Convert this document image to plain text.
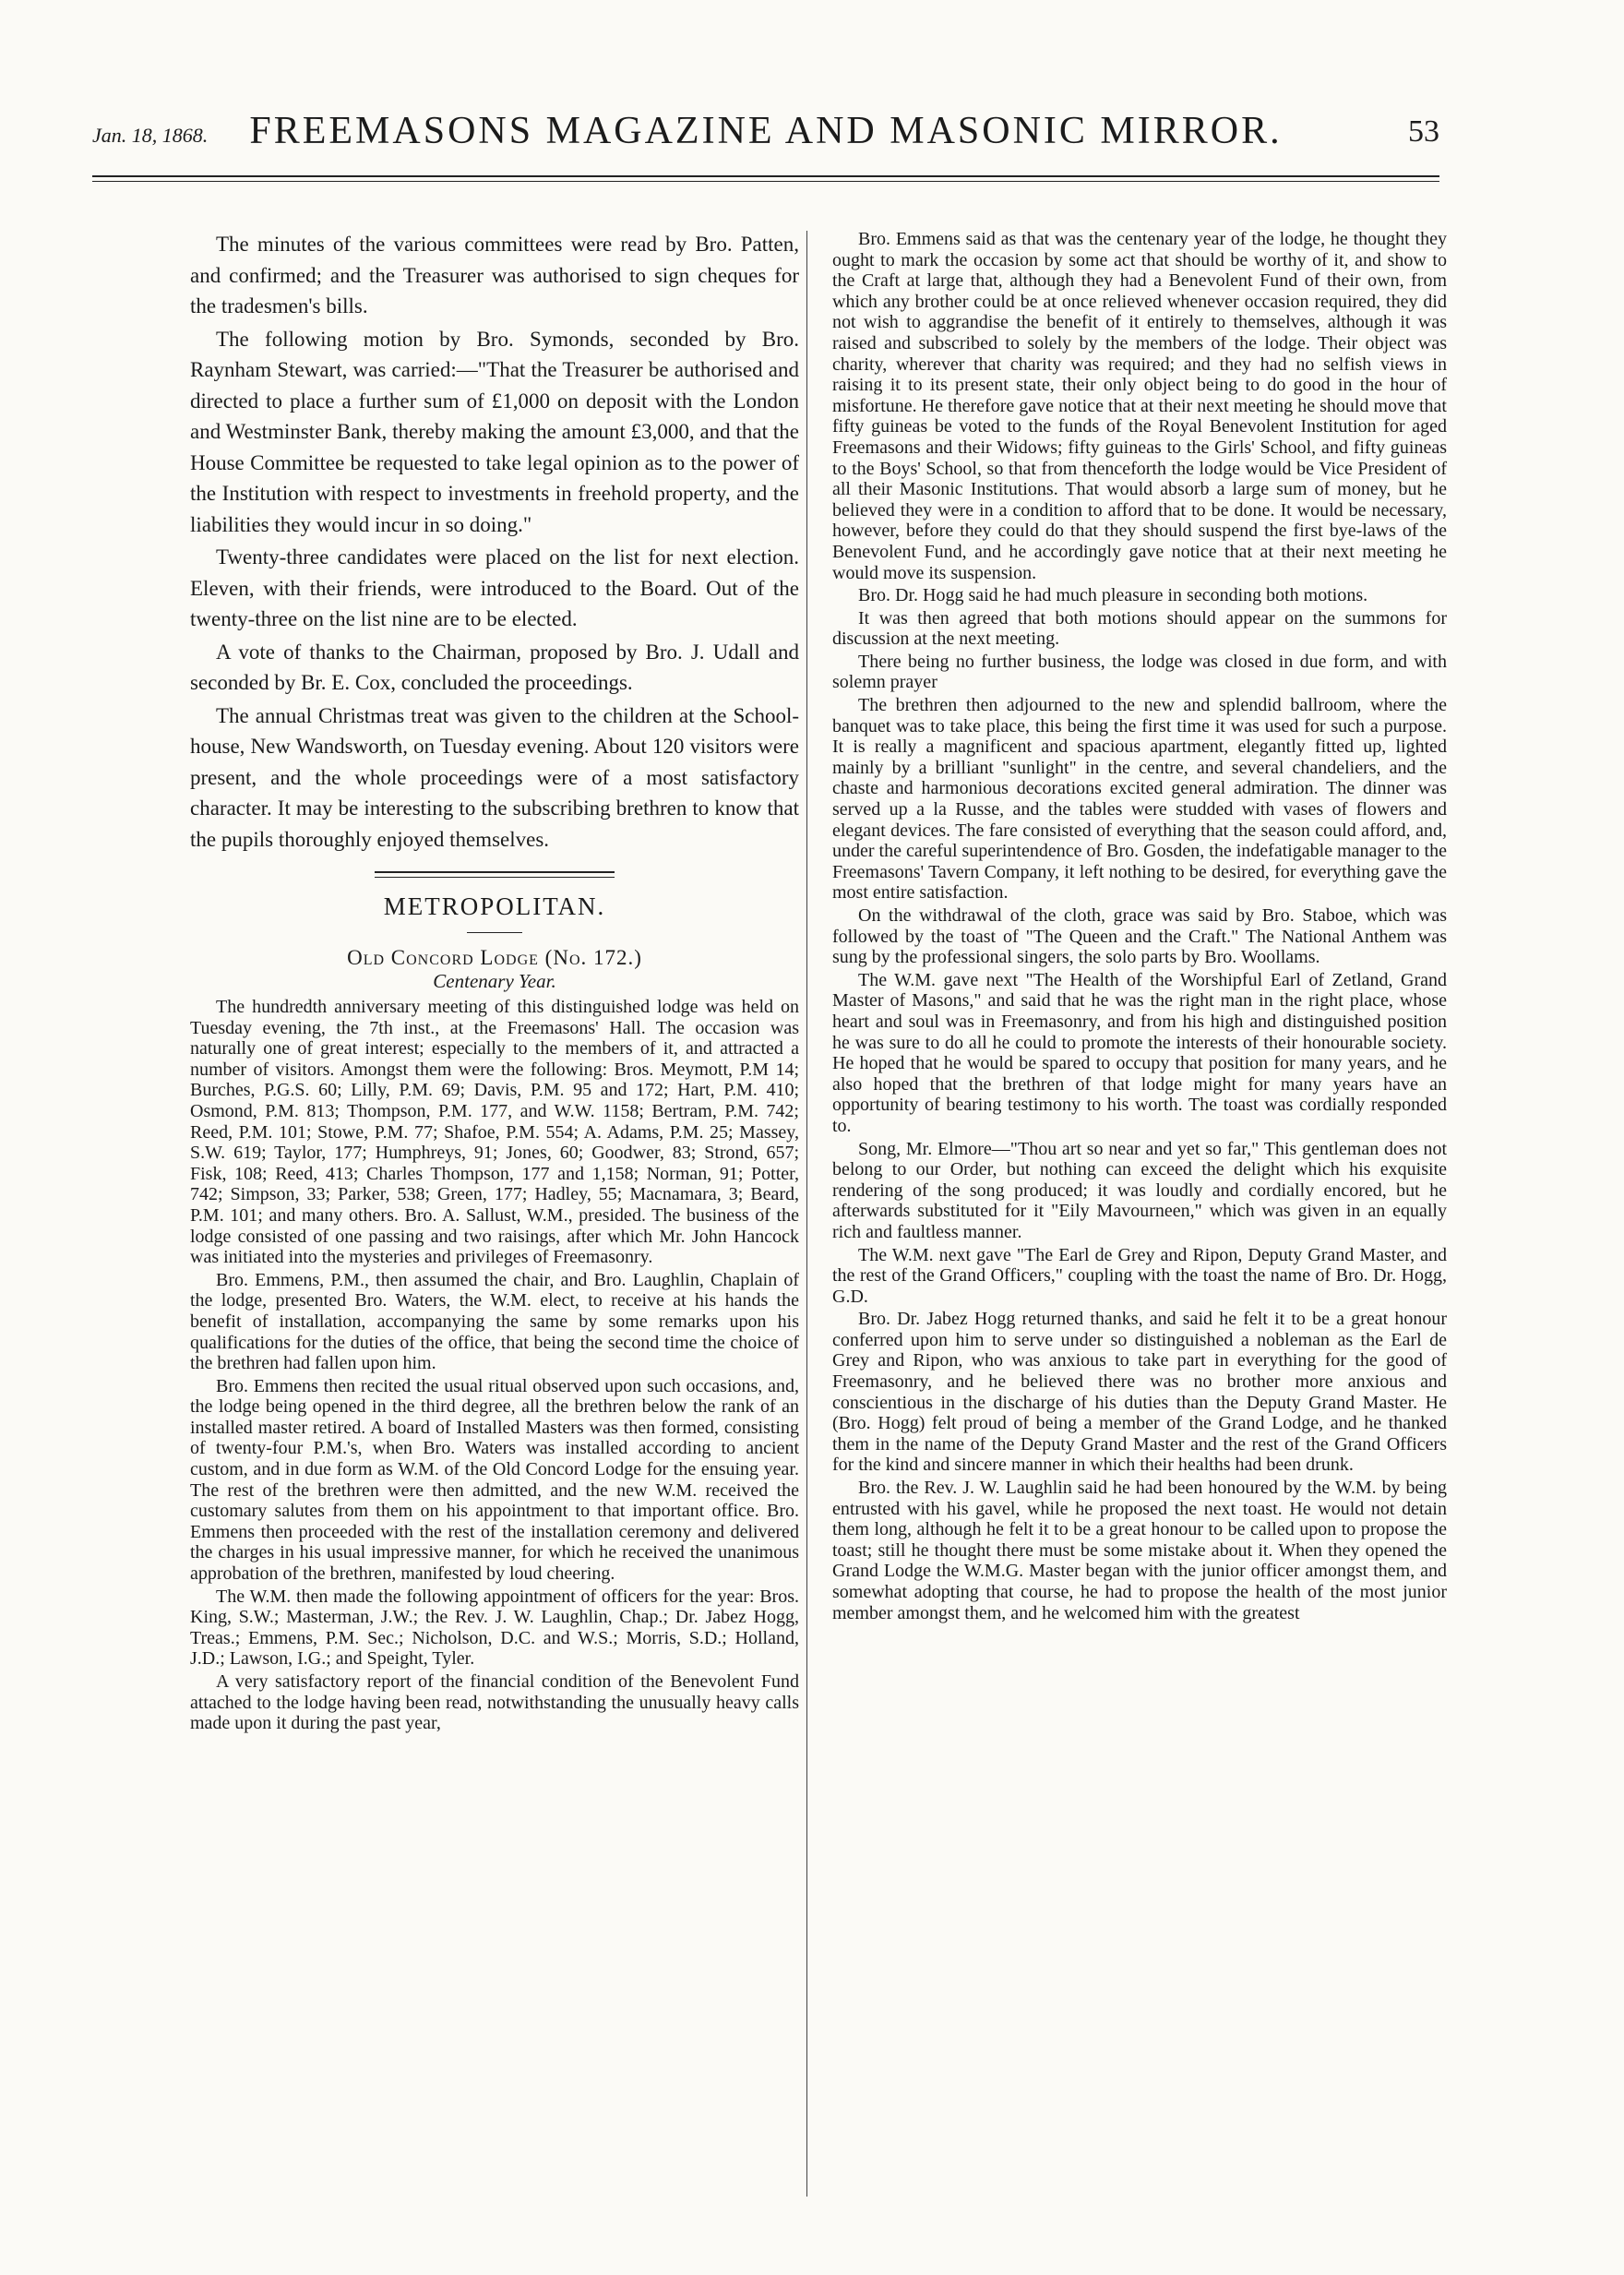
Jan. 18, 1868.	FREEMASONS MAGAZINE AND MASONIC MIRROR.	53

The minutes of the various committees were read by Bro. Patten, and confirmed; and the Treasurer was authorised to sign cheques for the tradesmen's bills.

The following motion by Bro. Symonds, seconded by Bro. Raynham Stewart, was carried:—"That the Treasurer be authorised and directed to place a further sum of £1,000 on deposit with the London and Westminster Bank, thereby making the amount £3,000, and that the House Committee be requested to take legal opinion as to the power of the Institution with respect to investments in freehold property, and the liabilities they would incur in so doing."

Twenty-three candidates were placed on the list for next election. Eleven, with their friends, were introduced to the Board. Out of the twenty-three on the list nine are to be elected.

A vote of thanks to the Chairman, proposed by Bro. J. Udall and seconded by Br. E. Cox, concluded the proceedings.

The annual Christmas treat was given to the children at the School-house, New Wandsworth, on Tuesday evening. About 120 visitors were present, and the whole proceedings were of a most satisfactory character. It may be interesting to the subscribing brethren to know that the pupils thoroughly enjoyed themselves.

METROPOLITAN.
Old Concord Lodge (No. 172.)
Centenary Year.

The hundredth anniversary meeting of this distinguished lodge was held on Tuesday evening, the 7th inst., at the Freemasons' Hall. The occasion was naturally one of great interest; especially to the members of it, and attracted a number of visitors. Amongst them were the following: Bros. Meymott, P.M 14; Burches, P.G.S. 60; Lilly, P.M. 69; Davis, P.M. 95 and 172; Hart, P.M. 410; Osmond, P.M. 813; Thompson, P.M. 177, and W.W. 1158; Bertram, P.M. 742; Reed, P.M. 101; Stowe, P.M. 77; Shafoe, P.M. 554; A. Adams, P.M. 25; Massey, S.W. 619; Taylor, 177; Humphreys, 91; Jones, 60; Goodwer, 83; Strond, 657; Fisk, 108; Reed, 413; Charles Thompson, 177 and 1,158; Norman, 91; Potter, 742; Simpson, 33; Parker, 538; Green, 177; Hadley, 55; Macnamara, 3; Beard, P.M. 101; and many others. Bro. A. Sallust, W.M., presided. The business of the lodge consisted of one passing and two raisings, after which Mr. John Hancock was initiated into the mysteries and privileges of Freemasonry.

Bro. Emmens, P.M., then assumed the chair, and Bro. Laughlin, Chaplain of the lodge, presented Bro. Waters, the W.M. elect, to receive at his hands the benefit of installation, accompanying the same by some remarks upon his qualifications for the duties of the office, that being the second time the choice of the brethren had fallen upon him.

Bro. Emmens then recited the usual ritual observed upon such occasions, and, the lodge being opened in the third degree, all the brethren below the rank of an installed master retired. A board of Installed Masters was then formed, consisting of twenty-four P.M.'s, when Bro. Waters was installed according to ancient custom, and in due form as W.M. of the Old Concord Lodge for the ensuing year. The rest of the brethren were then admitted, and the new W.M. received the customary salutes from them on his appointment to that important office. Bro. Emmens then proceeded with the rest of the installation ceremony and delivered the charges in his usual impressive manner, for which he received the unanimous approbation of the brethren, manifested by loud cheering.

The W.M. then made the following appointment of officers for the year: Bros. King, S.W.; Masterman, J.W.; the Rev. J. W. Laughlin, Chap.; Dr. Jabez Hogg, Treas.; Emmens, P.M. Sec.; Nicholson, D.C. and W.S.; Morris, S.D.; Holland, J.D.; Lawson, I.G.; and Speight, Tyler.

A very satisfactory report of the financial condition of the Benevolent Fund attached to the lodge having been read, notwithstanding the unusually heavy calls made upon it during the past year,

Bro. Emmens said as that was the centenary year of the lodge, he thought they ought to mark the occasion by some act that should be worthy of it, and show to the Craft at large that, although they had a Benevolent Fund of their own, from which any brother could be at once relieved whenever occasion required, they did not wish to aggrandise the benefit of it entirely to themselves, although it was raised and subscribed to solely by the members of the lodge. Their object was charity, wherever that charity was required; and they had no selfish views in raising it to its present state, their only object being to do good in the hour of misfortune. He therefore gave notice that at their next meeting he should move that fifty guineas be voted to the funds of the Royal Benevolent Institution for aged Freemasons and their Widows; fifty guineas to the Girls' School, and fifty guineas to the Boys' School, so that from thenceforth the lodge would be Vice President of all their Masonic Institutions. That would absorb a large sum of money, but he believed they were in a condition to afford that to be done. It would be necessary, however, before they could do that they should suspend the first bye-laws of the Benevolent Fund, and he accordingly gave notice that at their next meeting he would move its suspension.

Bro. Dr. Hogg said he had much pleasure in seconding both motions.

It was then agreed that both motions should appear on the summons for discussion at the next meeting.

There being no further business, the lodge was closed in due form, and with solemn prayer

The brethren then adjourned to the new and splendid ballroom, where the banquet was to take place, this being the first time it was used for such a purpose. It is really a magnificent and spacious apartment, elegantly fitted up, lighted mainly by a brilliant "sunlight" in the centre, and several chandeliers, and the chaste and harmonious decorations excited general admiration. The dinner was served up a la Russe, and the tables were studded with vases of flowers and elegant devices. The fare consisted of everything that the season could afford, and, under the careful superintendence of Bro. Gosden, the indefatigable manager to the Freemasons' Tavern Company, it left nothing to be desired, for everything gave the most entire satisfaction.

On the withdrawal of the cloth, grace was said by Bro. Staboe, which was followed by the toast of "The Queen and the Craft." The National Anthem was sung by the professional singers, the solo parts by Bro. Woollams.

The W.M. gave next "The Health of the Worshipful Earl of Zetland, Grand Master of Masons," and said that he was the right man in the right place, whose heart and soul was in Freemasonry, and from his high and distinguished position he was sure to do all he could to promote the interests of their honourable society. He hoped that he would be spared to occupy that position for many years, and he also hoped that the brethren of that lodge might for many years have an opportunity of bearing testimony to his worth. The toast was cordially responded to.

Song, Mr. Elmore—"Thou art so near and yet so far," This gentleman does not belong to our Order, but nothing can exceed the delight which his exquisite rendering of the song produced; it was loudly and cordially encored, but he afterwards substituted for it "Eily Mavourneen," which was given in an equally rich and faultless manner.

The W.M. next gave "The Earl de Grey and Ripon, Deputy Grand Master, and the rest of the Grand Officers," coupling with the toast the name of Bro. Dr. Hogg, G.D.

Bro. Dr. Jabez Hogg returned thanks, and said he felt it to be a great honour conferred upon him to serve under so distinguished a nobleman as the Earl de Grey and Ripon, who was anxious to take part in everything for the good of Freemasonry, and he believed there was no brother more anxious and conscientious in the discharge of his duties than the Deputy Grand Master. He (Bro. Hogg) felt proud of being a member of the Grand Lodge, and he thanked them in the name of the Deputy Grand Master and the rest of the Grand Officers for the kind and sincere manner in which their healths had been drunk.

Bro. the Rev. J. W. Laughlin said he had been honoured by the W.M. by being entrusted with his gavel, while he proposed the next toast. He would not detain them long, although he felt it to be a great honour to be called upon to propose the toast; still he thought there must be some mistake about it. When they opened the Grand Lodge the W.M.G. Master began with the junior officer amongst them, and somewhat adopting that course, he had to propose the health of the most junior member amongst them, and he welcomed him with the greatest
